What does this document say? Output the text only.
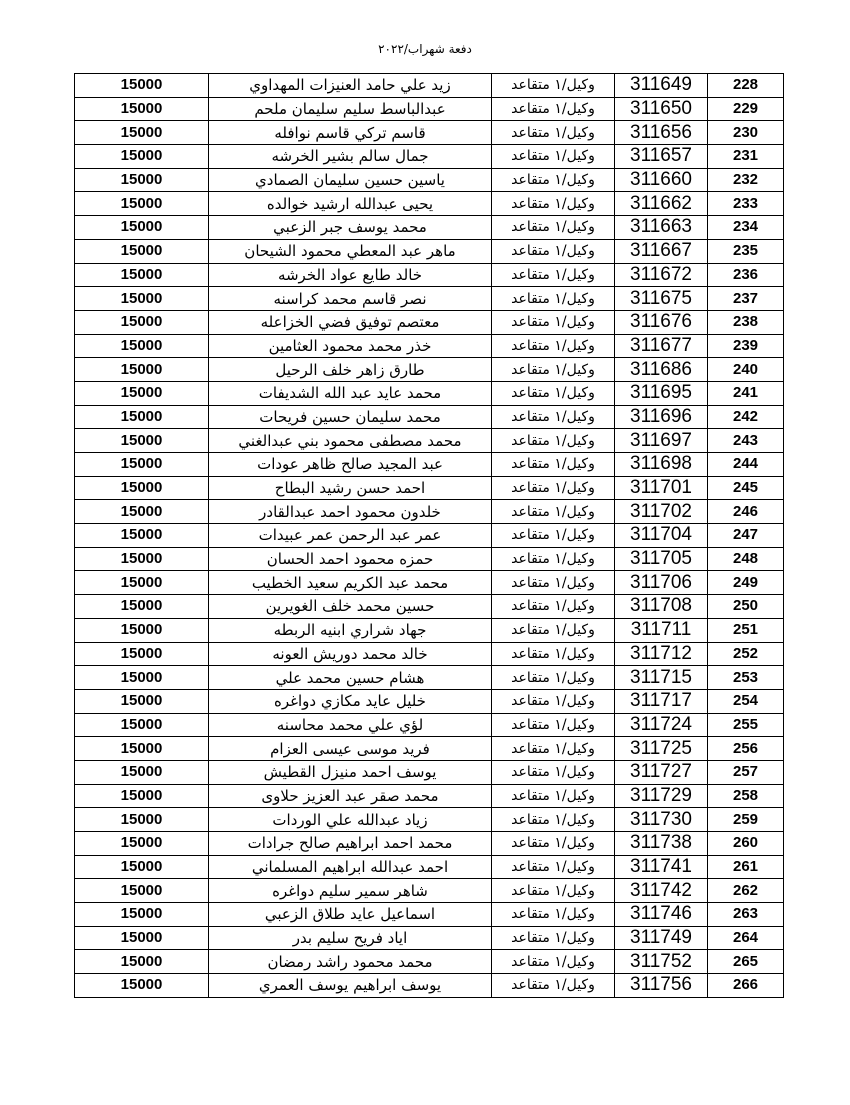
دفعة شهراب/٢٠٢٢
15000	زيد علي حامد العنيزات المهداوي	وكيل/١ متقاعد	311649	228
15000	عبدالباسط سليم سليمان ملحم	وكيل/١ متقاعد	311650	229
15000	قاسم تركي قاسم نوافله	وكيل/١ متقاعد	311656	230
15000	جمال سالم بشير الخرشه	وكيل/١ متقاعد	311657	231
15000	ياسين حسين سليمان الصمادي	وكيل/١ متقاعد	311660	232
15000	يحيى عبدالله ارشيد خوالده	وكيل/١ متقاعد	311662	233
15000	محمد يوسف جبر الزعبي	وكيل/١ متقاعد	311663	234
15000	ماهر عبد المعطي محمود الشيحان	وكيل/١ متقاعد	311667	235
15000	خالد طايع عواد الخرشه	وكيل/١ متقاعد	311672	236
15000	نصر قاسم محمد كراسنه	وكيل/١ متقاعد	311675	237
15000	معتصم توفيق فضي الخزاعله	وكيل/١ متقاعد	311676	238
15000	خذر محمد محمود العثامين	وكيل/١ متقاعد	311677	239
15000	طارق زاهر خلف الرحيل	وكيل/١ متقاعد	311686	240
15000	محمد عايد عبد الله الشديفات	وكيل/١ متقاعد	311695	241
15000	محمد سليمان حسين فريحات	وكيل/١ متقاعد	311696	242
15000	محمد مصطفى محمود بني عبدالغني	وكيل/١ متقاعد	311697	243
15000	عبد المجيد صالح ظاهر عودات	وكيل/١ متقاعد	311698	244
15000	احمد حسن رشيد البطاح	وكيل/١ متقاعد	311701	245
15000	خلدون محمود احمد عبدالقادر	وكيل/١ متقاعد	311702	246
15000	عمر عبد الرحمن عمر عبيدات	وكيل/١ متقاعد	311704	247
15000	حمزه محمود احمد الحسان	وكيل/١ متقاعد	311705	248
15000	محمد عبد الكريم سعيد الخطيب	وكيل/١ متقاعد	311706	249
15000	حسين محمد خلف الغويرين	وكيل/١ متقاعد	311708	250
15000	جهاد شراري ابنيه الربطه	وكيل/١ متقاعد	311711	251
15000	خالد محمد دوريش العونه	وكيل/١ متقاعد	311712	252
15000	هشام حسين محمد علي	وكيل/١ متقاعد	311715	253
15000	خليل عايد مكازي دواغره	وكيل/١ متقاعد	311717	254
15000	لؤي علي محمد محاسنه	وكيل/١ متقاعد	311724	255
15000	فريد موسى عيسى العزام	وكيل/١ متقاعد	311725	256
15000	يوسف احمد منيزل القطيش	وكيل/١ متقاعد	311727	257
15000	محمد صقر عبد العزيز حلاوى	وكيل/١ متقاعد	311729	258
15000	زياد عبدالله علي الوردات	وكيل/١ متقاعد	311730	259
15000	محمد احمد ابراهيم صالح جرادات	وكيل/١ متقاعد	311738	260
15000	احمد عبدالله ابراهيم المسلماني	وكيل/١ متقاعد	311741	261
15000	شاهر سمير سليم دواغره	وكيل/١ متقاعد	311742	262
15000	اسماعيل عايد طلاق الزعبي	وكيل/١ متقاعد	311746	263
15000	اياد فريح سليم بدر	وكيل/١ متقاعد	311749	264
15000	محمد محمود راشد رمضان	وكيل/١ متقاعد	311752	265
15000	يوسف ابراهيم يوسف العمري	وكيل/١ متقاعد	311756	266
